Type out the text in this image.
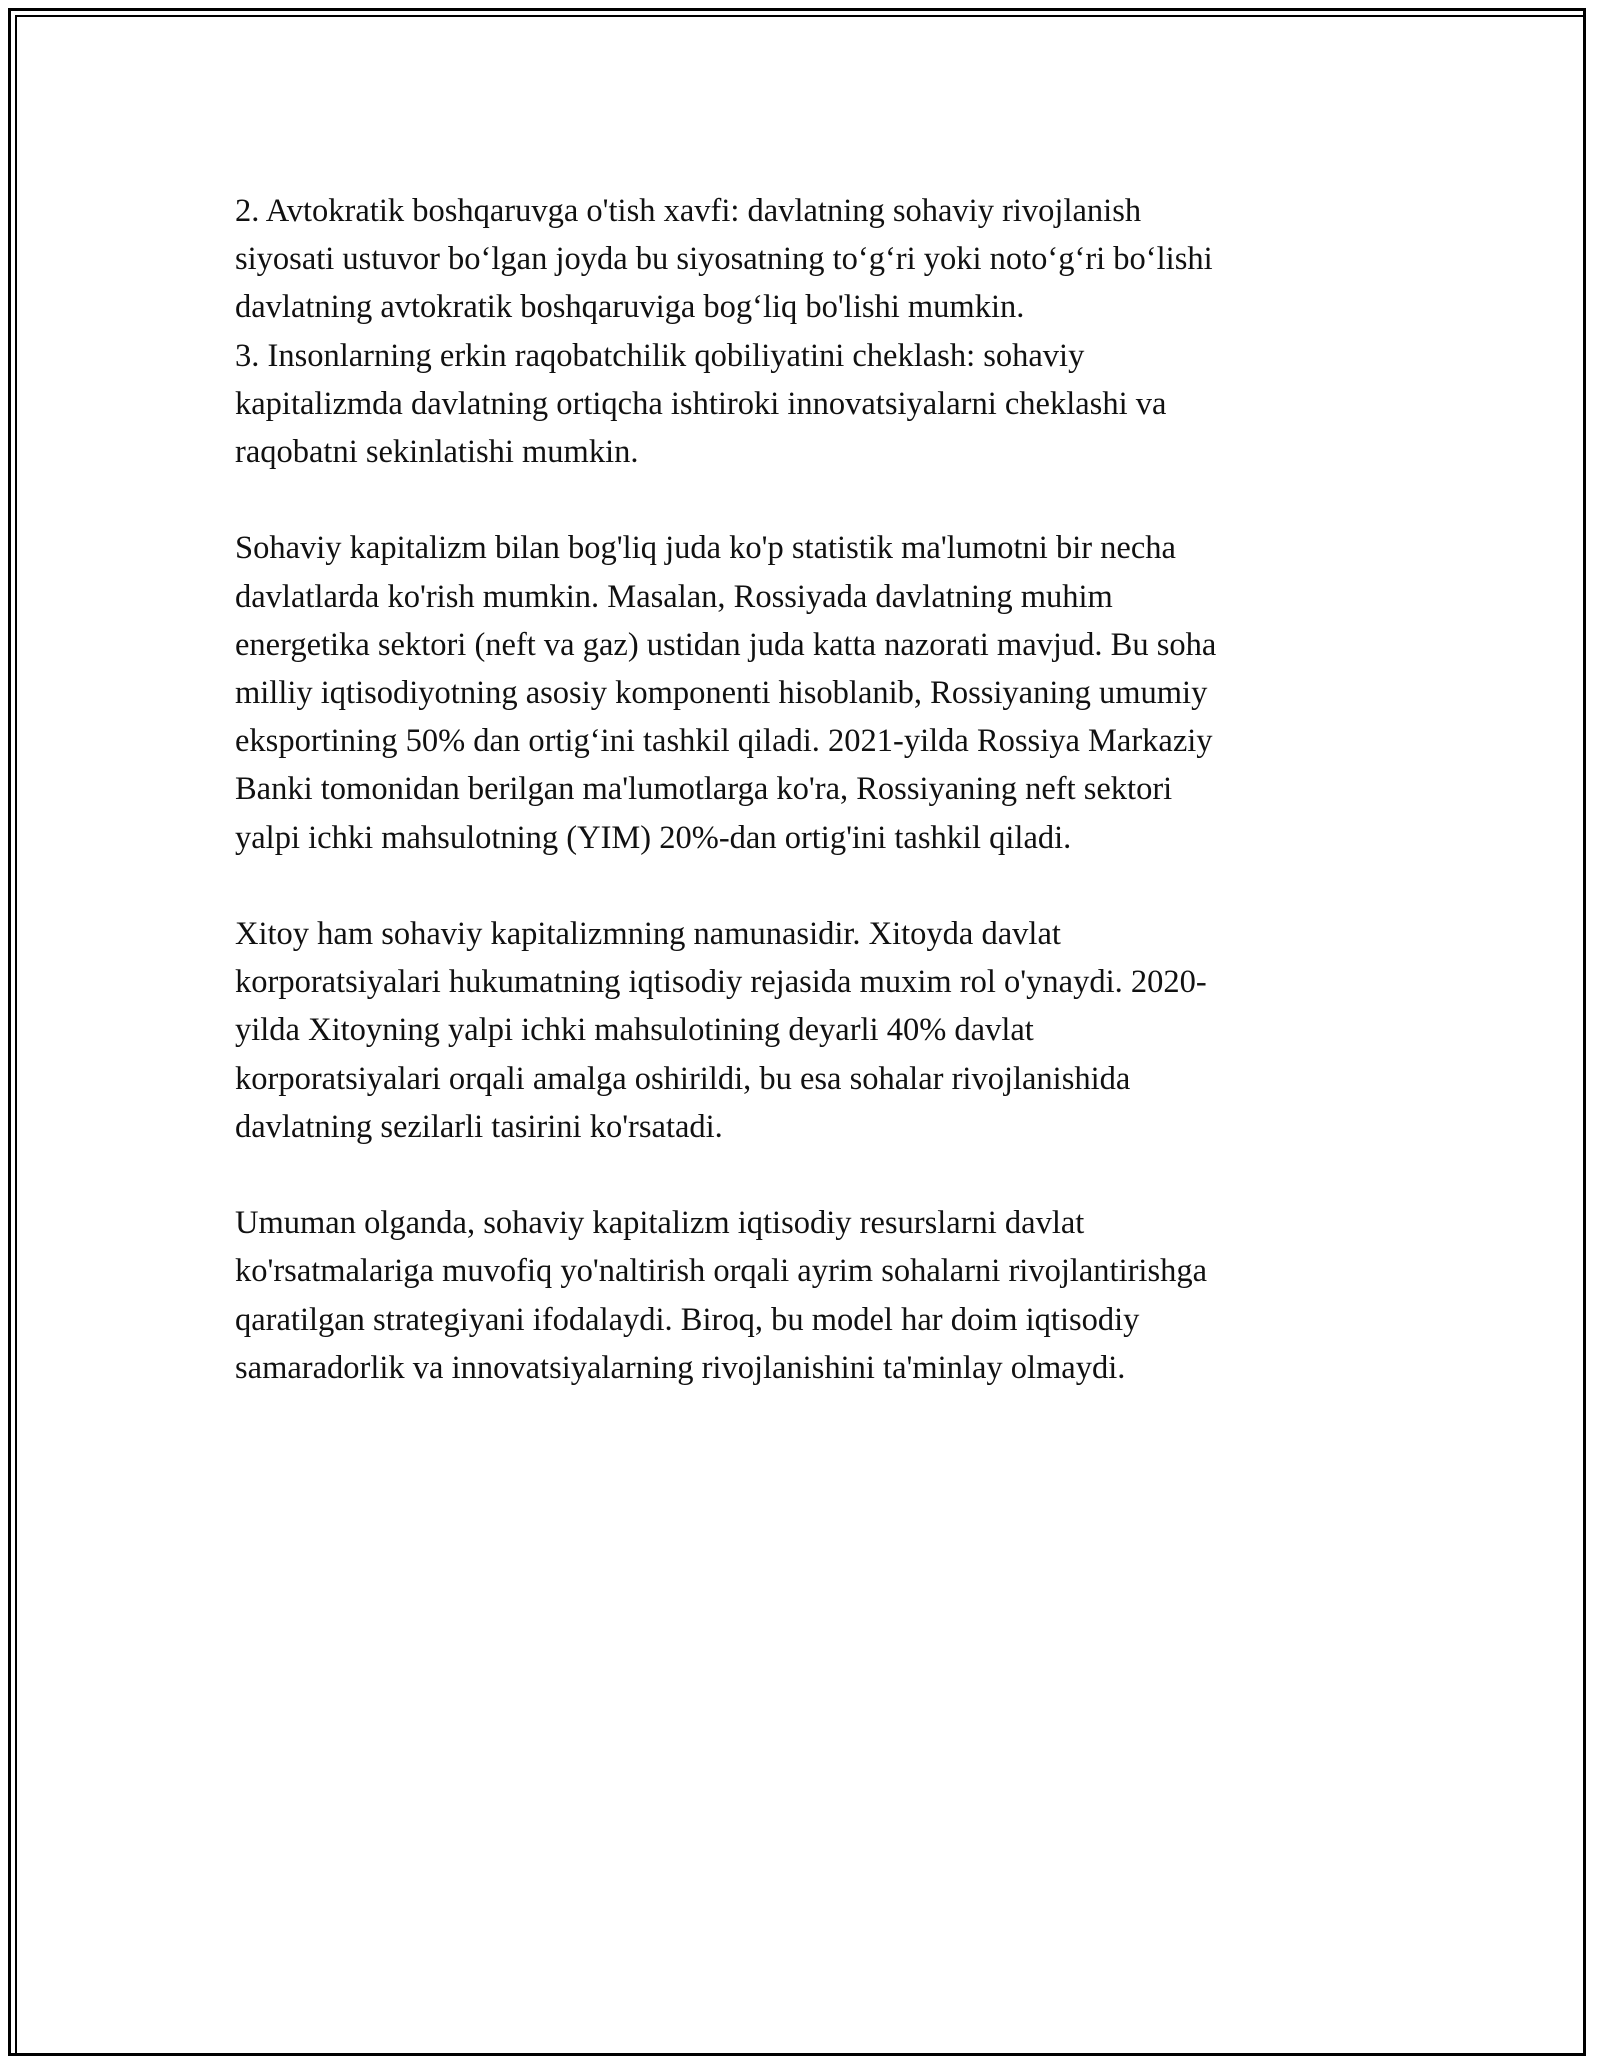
2. Avtokratik boshqaruvga o'tish xavfi: davlatning sohaviy rivojlanish
siyosati ustuvor bo‘lgan joyda bu siyosatning to‘g‘ri yoki noto‘g‘ri bo‘lishi
davlatning avtokratik boshqaruviga bog‘liq bo'lishi mumkin.
3. Insonlarning erkin raqobatchilik qobiliyatini cheklash: sohaviy
kapitalizmda davlatning ortiqcha ishtiroki innovatsiyalarni cheklashi va
raqobatni sekinlatishi mumkin.

Sohaviy kapitalizm bilan bog'liq juda ko'p statistik ma'lumotni bir necha
davlatlarda ko'rish mumkin. Masalan, Rossiyada davlatning muhim
energetika sektori (neft va gaz) ustidan juda katta nazorati mavjud. Bu soha
milliy iqtisodiyotning asosiy komponenti hisoblanib, Rossiyaning umumiy
eksportining 50% dan ortig‘ini tashkil qiladi. 2021-yilda Rossiya Markaziy
Banki tomonidan berilgan ma'lumotlarga ko'ra, Rossiyaning neft sektori
yalpi ichki mahsulotning (YIM) 20%-dan ortig'ini tashkil qiladi.

Xitoy ham sohaviy kapitalizmning namunasidir. Xitoyda davlat
korporatsiyalari hukumatning iqtisodiy rejasida muxim rol o'ynaydi. 2020-
yilda Xitoyning yalpi ichki mahsulotining deyarli 40% davlat
korporatsiyalari orqali amalga oshirildi, bu esa sohalar rivojlanishida
davlatning sezilarli tasirini ko'rsatadi.

Umuman olganda, sohaviy kapitalizm iqtisodiy resurslarni davlat
ko'rsatmalariga muvofiq yo'naltirish orqali ayrim sohalarni rivojlantirishga
qaratilgan strategiyani ifodalaydi. Biroq, bu model har doim iqtisodiy
samaradorlik va innovatsiyalarning rivojlanishini ta'minlay olmaydi.
